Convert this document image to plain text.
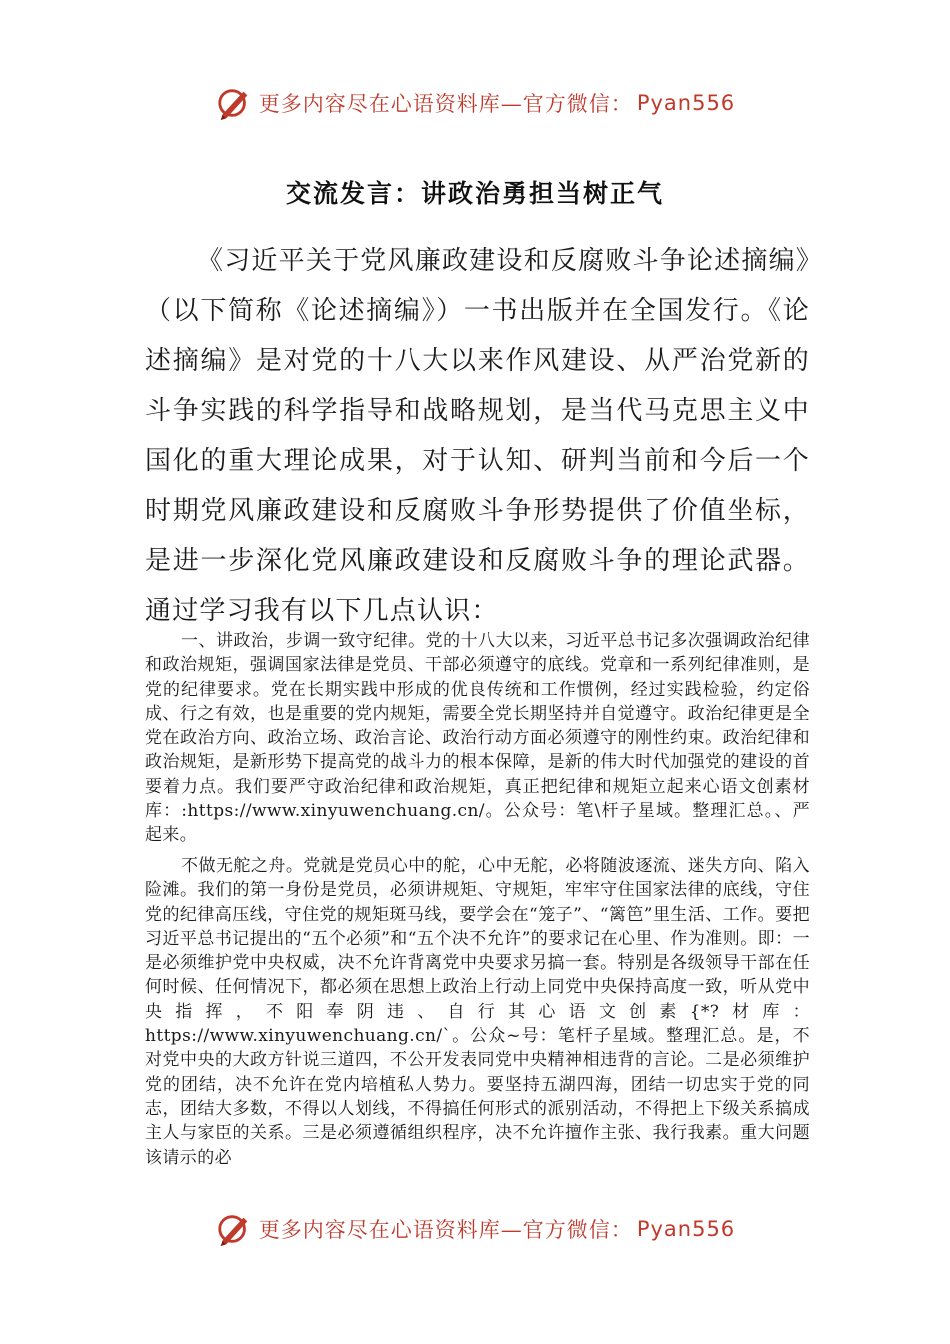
更多内容尽在心语资料库—官方微信： Pyan556
交流发言：讲政治勇担当树正气

《习近平关于党风廉政建设和反腐败斗争论述摘编》（以下简称《论述摘编》）一书出版并在全国发行。《论述摘编》是对党的十八大以来作风建设、从严治党新的斗争实践的科学指导和战略规划，是当代马克思主义中国化的重大理论成果，对于认知、研判当前和今后一个时期党风廉政建设和反腐败斗争形势提供了价值坐标，是进一步深化党风廉政建设和反腐败斗争的理论武器。通过学习我有以下几点认识：

一、讲政治，步调一致守纪律。党的十八大以来，习近平总书记多次强调政治纪律和政治规矩，强调国家法律是党员、干部必须遵守的底线。党章和一系列纪律准则，是党的纪律要求。党在长期实践中形成的优良传统和工作惯例，经过实践检验，约定俗成、行之有效，也是重要的党内规矩，需要全党长期坚持并自觉遵守。政治纪律更是全党在政治方向、政治立场、政治言论、政治行动方面必须遵守的刚性约束。政治纪律和政治规矩，是新形势下提高党的战斗力的根本保障，是新的伟大时代加强党的建设的首要着力点。我们要严守政治纪律和政治规矩，真正把纪律和规矩立起来心语文创素材库：:https://www.xinyuwenchuang.cn/。公众号：笔\杆子星域。整理汇总。、严起来。

不做无舵之舟。党就是党员心中的舵，心中无舵，必将随波逐流、迷失方向、陷入险滩。我们的第一身份是党员，必须讲规矩、守规矩，牢牢守住国家法律的底线，守住党的纪律高压线，守住党的规矩斑马线，要学会在“笼子”、“篱笆”里生活、工作。要把习近平总书记提出的“五个必须”和“五个决不允许”的要求记在心里、作为准则。即：一是必须维护党中央权威，决不允许背离党中央要求另搞一套。特别是各级领导干部在任何时候、任何情况下，都必须在思想上政治上行动上同党中央保持高度一致，听从党中央指挥，不阳奉阴违、自行其心语文创素{*?材库：https://www.xinyuwenchuang.cn/`。公众~号：笔杆子星域。整理汇总。是，不对党中央的大政方针说三道四，不公开发表同党中央精神相违背的言论。二是必须维护党的团结，决不允许在党内培植私人势力。要坚持五湖四海，团结一切忠实于党的同志，团结大多数，不得以人划线，不得搞任何形式的派别活动，不得把上下级关系搞成主人与家臣的关系。三是必须遵循组织程序，决不允许擅作主张、我行我素。重大问题该请示的必

更多内容尽在心语资料库—官方微信： Pyan556
